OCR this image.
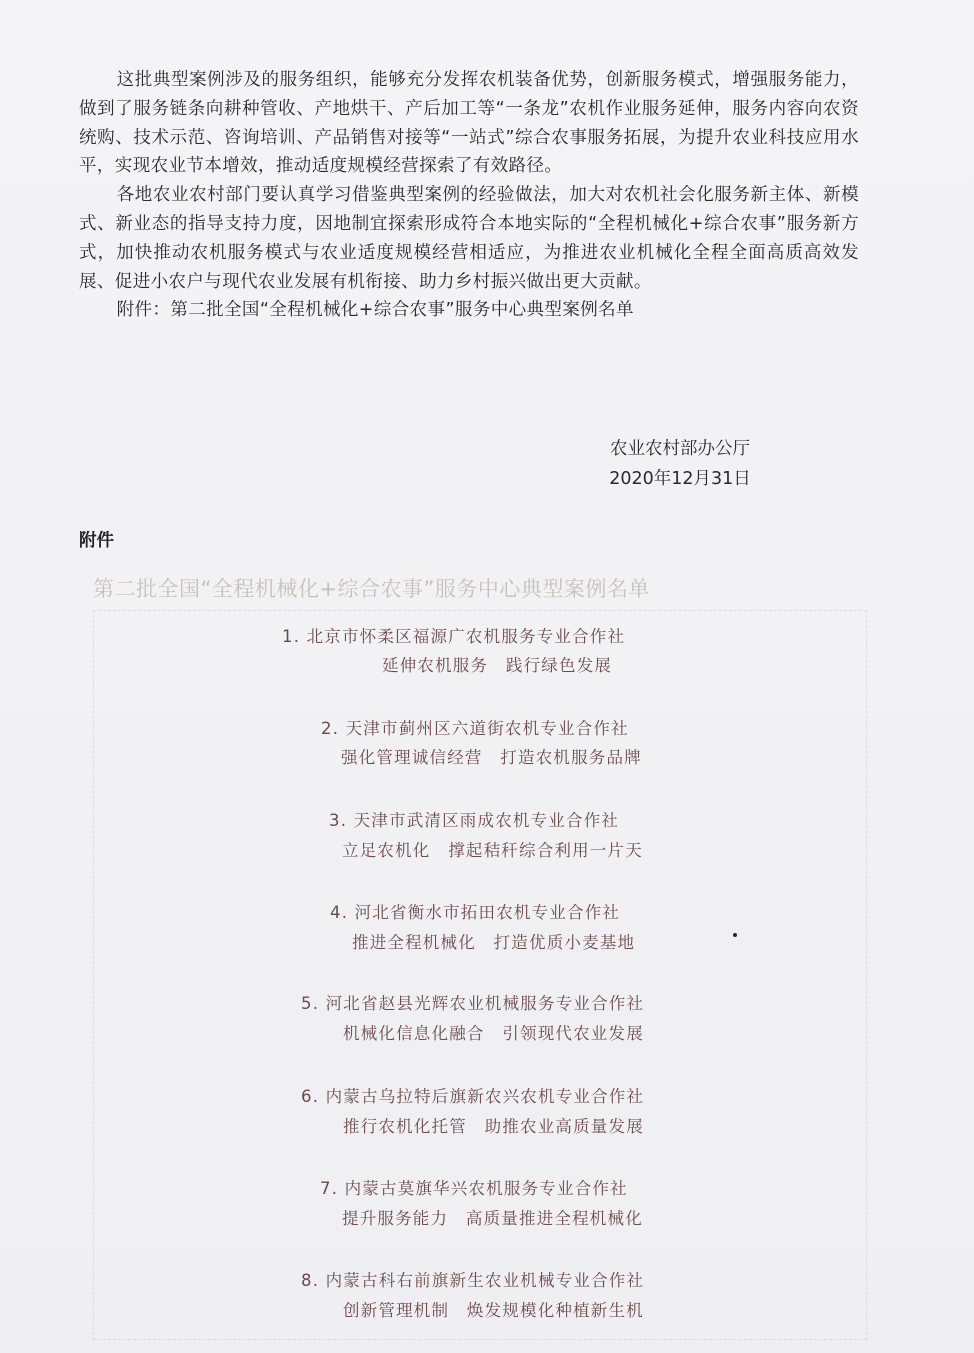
这批典型案例涉及的服务组织，能够充分发挥农机装备优势，创新服务模式，增强服务能力，做到了服务链条向耕种管收、产地烘干、产后加工等“一条龙”农机作业服务延伸，服务内容向农资统购、技术示范、咨询培训、产品销售对接等“一站式”综合农事服务拓展，为提升农业科技应用水平，实现农业节本增效，推动适度规模经营探索了有效路径。

各地农业农村部门要认真学习借鉴典型案例的经验做法，加大对农机社会化服务新主体、新模式、新业态的指导支持力度，因地制宜探索形成符合本地实际的“全程机械化+综合农事”服务新方式，加快推动农机服务模式与农业适度规模经营相适应，为推进农业机械化全程全面高质高效发展、促进小农户与现代农业发展有机衔接、助力乡村振兴做出更大贡献。

附件：第二批全国“全程机械化+综合农事”服务中心典型案例名单

农业农村部办公厅
2020年12月31日
附件
第二批全国“全程机械化+综合农事”服务中心典型案例名单
1. 北京市怀柔区福源广农机服务专业合作社
延伸农机服务　践行绿色发展
2. 天津市蓟州区六道街农机专业合作社
强化管理诚信经营　打造农机服务品牌
3. 天津市武清区雨成农机专业合作社
立足农机化　撑起秸秆综合利用一片天
4. 河北省衡水市拓田农机专业合作社
推进全程机械化　打造优质小麦基地
5. 河北省赵县光辉农业机械服务专业合作社
机械化信息化融合　引领现代农业发展
6. 内蒙古乌拉特后旗新农兴农机专业合作社
推行农机化托管　助推农业高质量发展
7. 内蒙古莫旗华兴农机服务专业合作社
提升服务能力　高质量推进全程机械化
8. 内蒙古科右前旗新生农业机械专业合作社
创新管理机制　焕发规模化种植新生机
